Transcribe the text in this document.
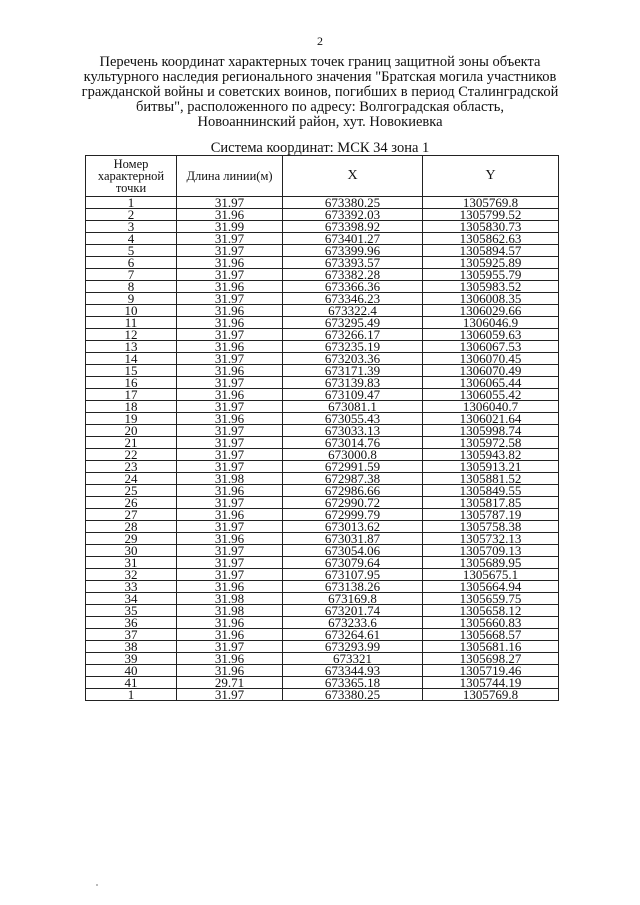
2
Перечень координат характерных точек границ защитной зоны объекта
культурного наследия регионального значения "Братская могила участников
гражданской войны и советских воинов, погибших в период Сталинградской
битвы", расположенного по адресу: Волгоградская область,
Новоаннинский район, хут. Новокиевка
Система координат: МСК 34 зона 1
Номер характерной точки	Длина линии(м)	X	Y
1	31.97	673380.25	1305769.8
2	31.96	673392.03	1305799.52
3	31.99	673398.92	1305830.73
4	31.97	673401.27	1305862.63
5	31.97	673399.96	1305894.57
6	31.96	673393.57	1305925.89
7	31.97	673382.28	1305955.79
8	31.96	673366.36	1305983.52
9	31.97	673346.23	1306008.35
10	31.96	673322.4	1306029.66
11	31.96	673295.49	1306046.9
12	31.97	673266.17	1306059.63
13	31.96	673235.19	1306067.53
14	31.97	673203.36	1306070.45
15	31.96	673171.39	1306070.49
16	31.97	673139.83	1306065.44
17	31.96	673109.47	1306055.42
18	31.97	673081.1	1306040.7
19	31.96	673055.43	1306021.64
20	31.97	673033.13	1305998.74
21	31.97	673014.76	1305972.58
22	31.97	673000.8	1305943.82
23	31.97	672991.59	1305913.21
24	31.98	672987.38	1305881.52
25	31.96	672986.66	1305849.55
26	31.97	672990.72	1305817.85
27	31.96	672999.79	1305787.19
28	31.97	673013.62	1305758.38
29	31.96	673031.87	1305732.13
30	31.97	673054.06	1305709.13
31	31.97	673079.64	1305689.95
32	31.97	673107.95	1305675.1
33	31.96	673138.26	1305664.94
34	31.98	673169.8	1305659.75
35	31.98	673201.74	1305658.12
36	31.96	673233.6	1305660.83
37	31.96	673264.61	1305668.57
38	31.97	673293.99	1305681.16
39	31.96	673321	1305698.27
40	31.96	673344.93	1305719.46
41	29.71	673365.18	1305744.19
1	31.97	673380.25	1305769.8
